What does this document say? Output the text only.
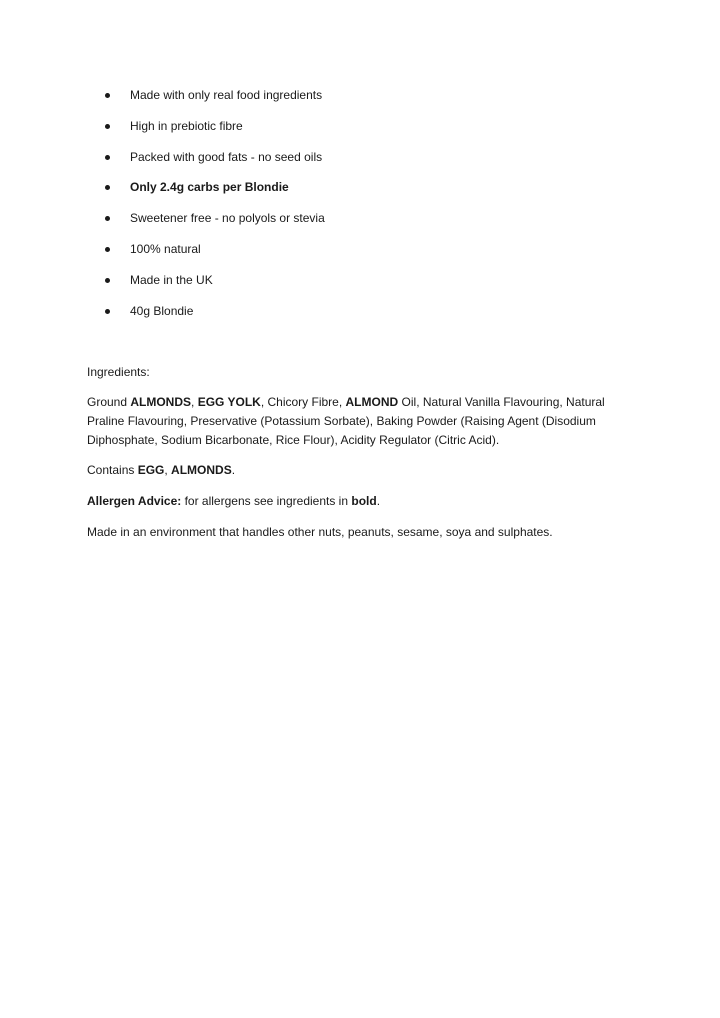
Made with only real food ingredients
High in prebiotic fibre
Packed with good fats - no seed oils
Only 2.4g carbs per Blondie
Sweetener free - no polyols or stevia
100% natural
Made in the UK
40g Blondie
Ingredients:
Ground ALMONDS, EGG YOLK, Chicory Fibre, ALMOND Oil, Natural Vanilla Flavouring, Natural Praline Flavouring, Preservative (Potassium Sorbate), Baking Powder (Raising Agent (Disodium Diphosphate, Sodium Bicarbonate, Rice Flour), Acidity Regulator (Citric Acid).
Contains EGG, ALMONDS.
Allergen Advice: for allergens see ingredients in bold.
Made in an environment that handles other nuts, peanuts, sesame, soya and sulphates.
